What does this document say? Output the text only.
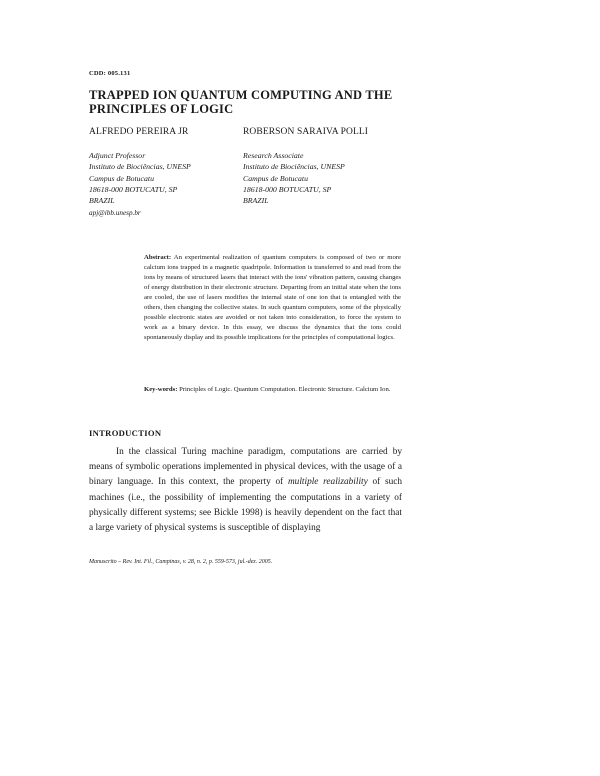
CDD: 005.131
TRAPPED ION QUANTUM COMPUTING AND THE PRINCIPLES OF LOGIC
ALFREDO PEREIRA JR	ROBERSON SARAIVA POLLI
Adjunct Professor
Instituto de Biociências, UNESP
Campus de Botucatu
18618-000 BOTUCATU, SP
BRAZIL
Research Associate
Instituto de Biociências, UNESP
Campus de Botucatu
18618-000 BOTUCATU, SP
BRAZIL
apj@ibb.unesp.br
Abstract: An experimental realization of quantum computers is composed of two or more calcium ions trapped in a magnetic quadripole. Information is transferred to and read from the ions by means of structured lasers that interact with the ions' vibration pattern, causing changes of energy distribution in their electronic structure. Departing from an initial state when the ions are cooled, the use of lasers modifies the internal state of one ion that is entangled with the others, then changing the collective states. In such quantum computers, some of the physically possible electronic states are avoided or not taken into consideration, to force the system to work as a binary device. In this essay, we discuss the dynamics that the ions could spontaneously display and its possible implications for the principles of computational logics.
Key-words: Principles of Logic. Quantum Computation. Electronic Structure. Calcium Ion.
INTRODUCTION
In the classical Turing machine paradigm, computations are carried by means of symbolic operations implemented in physical devices, with the usage of a binary language. In this context, the property of multiple realizability of such machines (i.e., the possibility of implementing the computations in a variety of physically different systems; see Bickle 1998) is heavily dependent on the fact that a large variety of physical systems is susceptible of displaying
Manuscrito – Rev. Int. Fil., Campinas, v. 28, n. 2, p. 559-573, jul.-dez. 2005.
